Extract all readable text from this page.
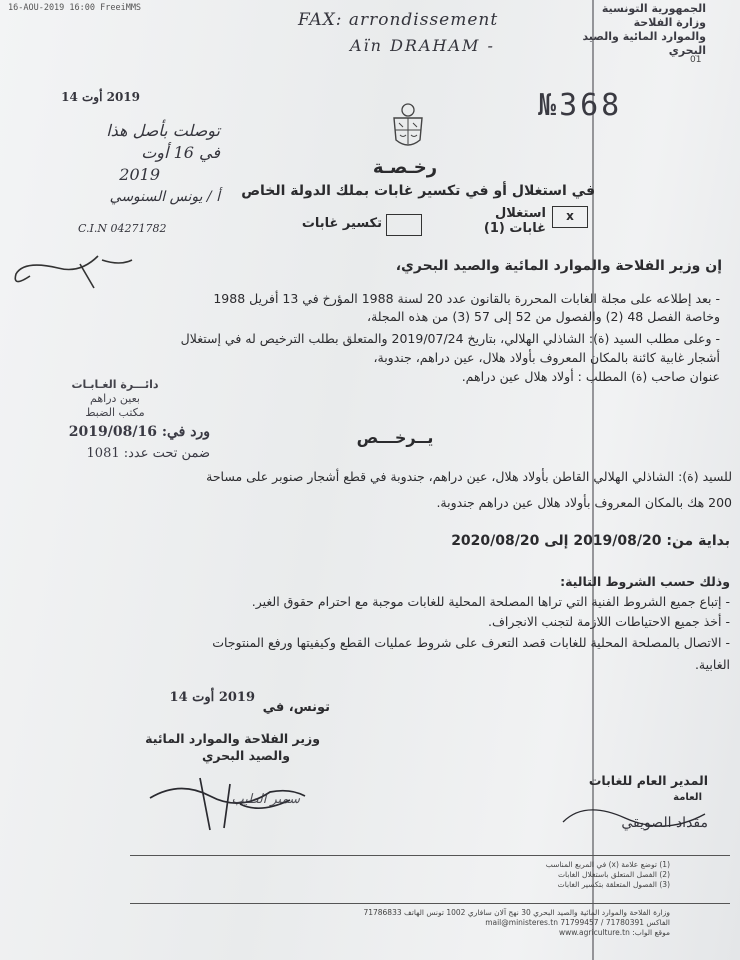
16-AOU-2019 16:00 FreeiMMS
FAX: arrondissement
Aïn DRAHAM -
الجمهورية التونسية
وزارة الفلاحة
والموارد المائية والصيد البحري
01
2019 أوت 14	№368
توصلت بأصل هذا
في 16 أوت
2019
أ / يونس السنوسي
C.I.N 04271782
رخـصـة
في استغلال أو في تكسير غابات بملك الدولة الخاص
استغلال غابات (1)
x
تكسير غابات
إن وزير الفلاحة والموارد المائية والصيد البحري،
- بعد إطلاعه على مجلة الغابات المحررة بالقانون عدد 20 لسنة 1988 المؤرخ في 13 أفريل 1988
وخاصة الفصل 48 (2) والفصول من 52 إلى 57 (3) من هذه المجلة،
- وعلى مطلب السيد (ة): الشاذلي الهلالي، بتاريخ 2019/07/24 والمتعلق بطلب الترخيص له في إستغلال
أشجار غابية كائنة بالمكان المعروف بأولاد هلال، عين دراهم، جندوبة،
عنوان صاحب (ة) المطلب : أولاد هلال عين دراهم.
دائـــرة الغـابـات
بعين دراهم
مكتب الضبط
ورد في: 2019/08/16
ضمن تحت عدد: 1081
يــرخـــص
للسيد (ة): الشاذلي الهلالي القاطن بأولاد هلال، عين دراهم، جندوبة في قطع أشجار صنوبر على مساحة
200 هك بالمكان المعروف بأولاد هلال عين دراهم جندوبة.
بداية من: 2019/08/20 إلى 2020/08/20
وذلك حسب الشروط التالية:
- إتباع جميع الشروط الفنية التي تراها المصلحة المحلية للغابات موجبة مع احترام حقوق الغير.
- أخذ جميع الاحتياطات اللازمة لتجنب الانجراف.
- الاتصال بالمصلحة المحلية للغابات قصد التعرف على شروط عمليات القطع وكيفيتها ورفع المنتوجات
الغابية.
تونس، في
2019 أوت 14
وزير الفلاحة والموارد المائية
والصيد البحري
سمير الطيب
المدير العام للغابات
العامة
مقداد الصويقي
(1) توضع علامة (x) في المربع المناسب
(2) الفصل المتعلق باستغلال الغابات
(3) الفصول المتعلقة بتكسير الغابات
وزارة الفلاحة والموارد المائية والصيد البحري 30 نهج آلان سافاري 1002 تونس الهاتف 71786833
الفاكس 71780391 / 71799457 mail@ministeres.tn
موقع الواب: www.agriculture.tn
